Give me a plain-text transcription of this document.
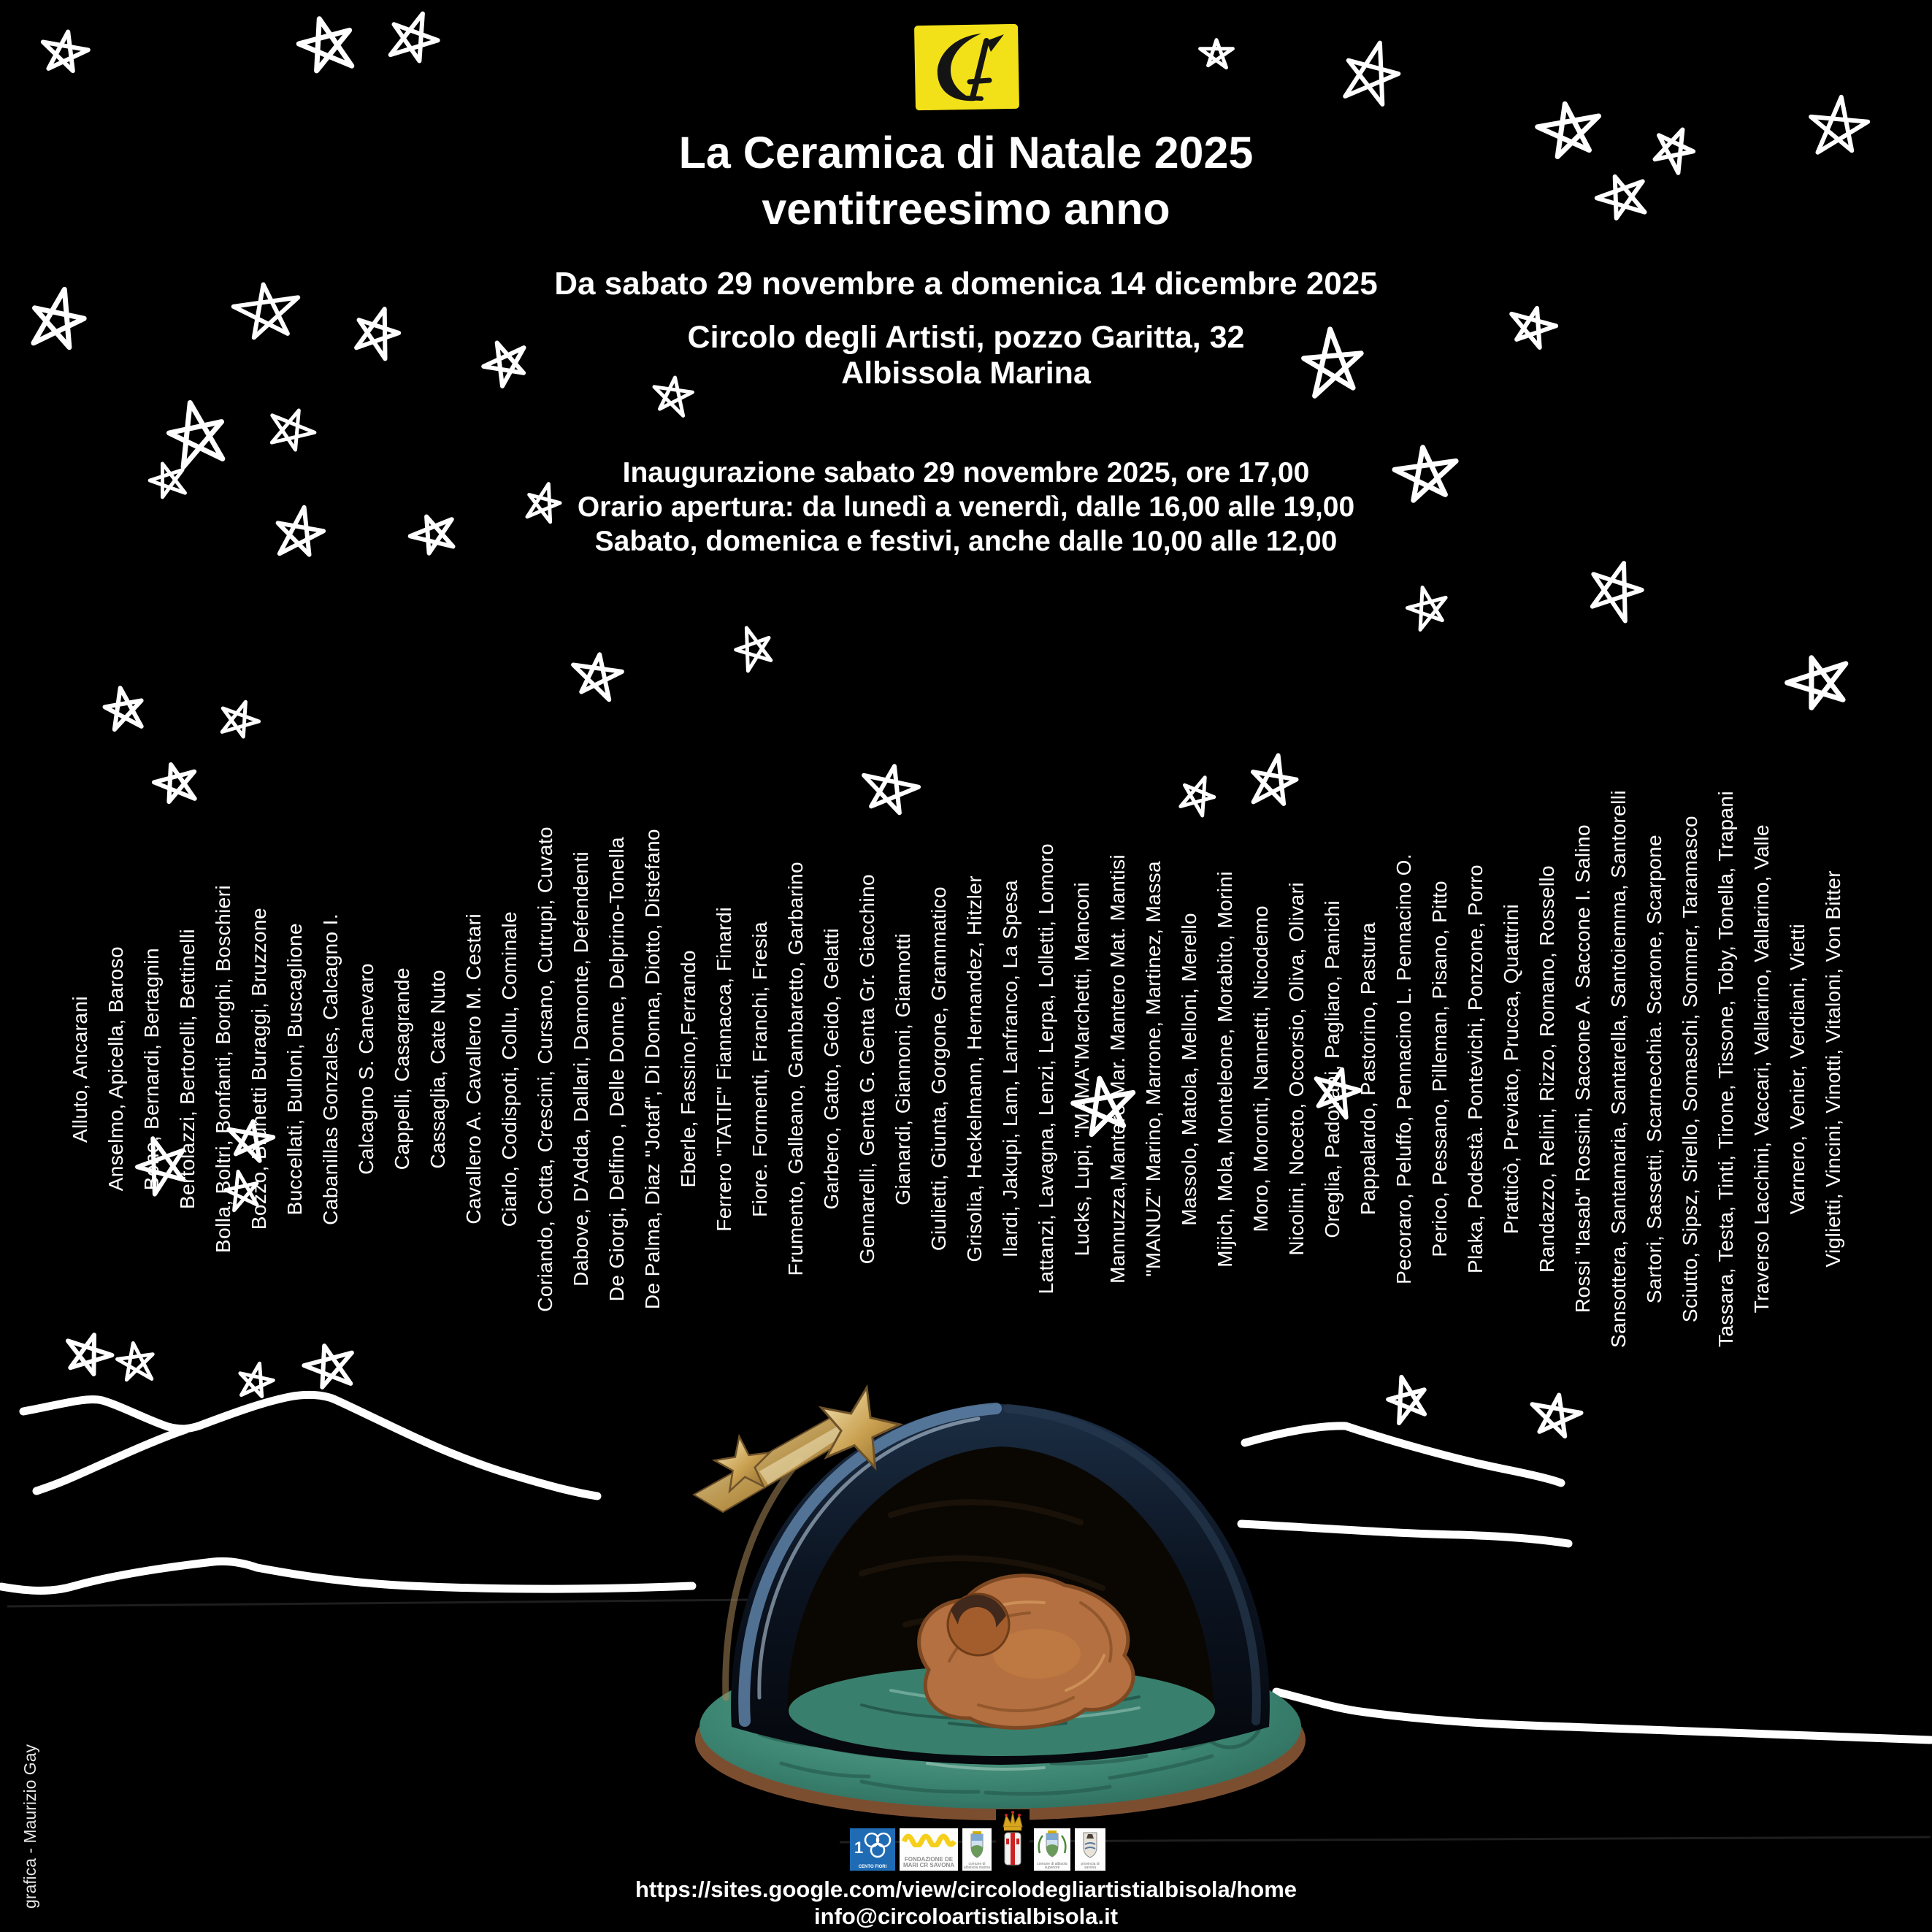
La Ceramica di Natale 2025
ventitreesimo anno
Da sabato 29 novembre a domenica 14 dicembre 2025
Circolo degli Artisti, pozzo Garitta, 32
Albissola Marina
Inaugurazione sabato 29 novembre 2025, ore 17,00
Orario apertura: da lunedì a venerdì, dalle 16,00 alle 19,00
Sabato, domenica e festivi, anche dalle 10,00 alle 12,00
Alluto, Ancarani Anselmo, Apicella, Baroso Bene, Bernardi, Bertagnin Bertolazzi, Bertorelli, Bettinelli Bolla, Boltri, Bonfanti, Borghi, Boschieri Bozzo, Brunetti Buraggi, Bruzzone Buccellati, Bulloni, Buscaglione Cabanillas Gonzales, Calcagno I. Calcagno S. Canevaro Cappelli, Casagrande Cassaglia, Cate Nuto Cavallero A. Cavallero M. Cestari Ciarlo, Codispoti, Collu, Cominale Coriando, Cotta, Crescini, Cursano, Cutrupi, Cuvato Dabove, D'Adda, Dallari, Damonte, Defendenti De Giorgi, Delfino , Delle Donne, Delprino-Tonella De Palma, Diaz "Jotaf", Di Donna, Diotto, Distefano Eberle, Fassino,Ferrando Ferrero "TATIF" Fiannacca, Finardi Fiore. Formenti, Franchi, Fresia Frumento, Galleano, Gambaretto, Garbarino Garbero, Gatto, Geido, Gelatti Gennarelli, Genta G. Genta Gr. Giacchino Gianardi, Giannoni, Giannotti Giulietti, Giunta, Gorgone, Grammatico Grisolia, Heckelmann, Hernandez, Hitzler Ilardi, Jakupi, Lam, Lanfranco, La Spesa Lattanzi, Lavagna, Lenzi, Lerpa, Lolletti, Lomoro Lucks, Lupi, "MAMA"Marchetti, Manconi Mannuzza,Mantero Mar. Mantero Mat. Mantisi "MANUZ" Marino, Marrone, Martinez, Massa Massolo, Matola, Melloni, Merello Mijich, Mola, Monteleone, Morabito, Morini Moro, Moronti, Nannetti, Nicodemo Nicolini, Noceto, Occorsio, Oliva, Olivari Oreglia, Padovani, Pagliaro, Panichi Pappalardo, Pastorino, Pastura Pecoraro, Peluffo, Pennacino L. Pennacino O. Perico, Pessano, Pilleman, Pisano, Pitto Plaka, Podestà. Pontevichi, Ponzone, Porro Pratticò, Previato, Prucca, Quattrini Randazzo, Relini, Rizzo, Romano, Rossello Rossi "Iasab" Rossini, Saccone A. Saccone I. Salino Sansottera, Santamaria, Santarella, Santoiemma, Santorelli Sartori, Sassetti, Scarnecchia. Scarone, Scarpone Sciutto, Sipsz, Sirello, Somaschi, Sommer, Taramasco Tassara, Testa, Tinti, Tirone, Tissone, Toby, Tonella, Trapani Traverso Lacchini, Vaccari, Vallarino, Vallarino, Valle Varnero, Venier, Verdiani, Vietti Viglietti, Vincini, Vinotti, Vitaloni, Von Bitter
1
CENTO FIORI
FONDAZIONE DE MARI CR SAVONA	comune di albissola marina
comune di albisola superiore
provincia di savona
https://sites.google.com/view/circolodegliartistialbisola/home
info@circoloartistialbisola.it
grafica - Maurizio Gay
